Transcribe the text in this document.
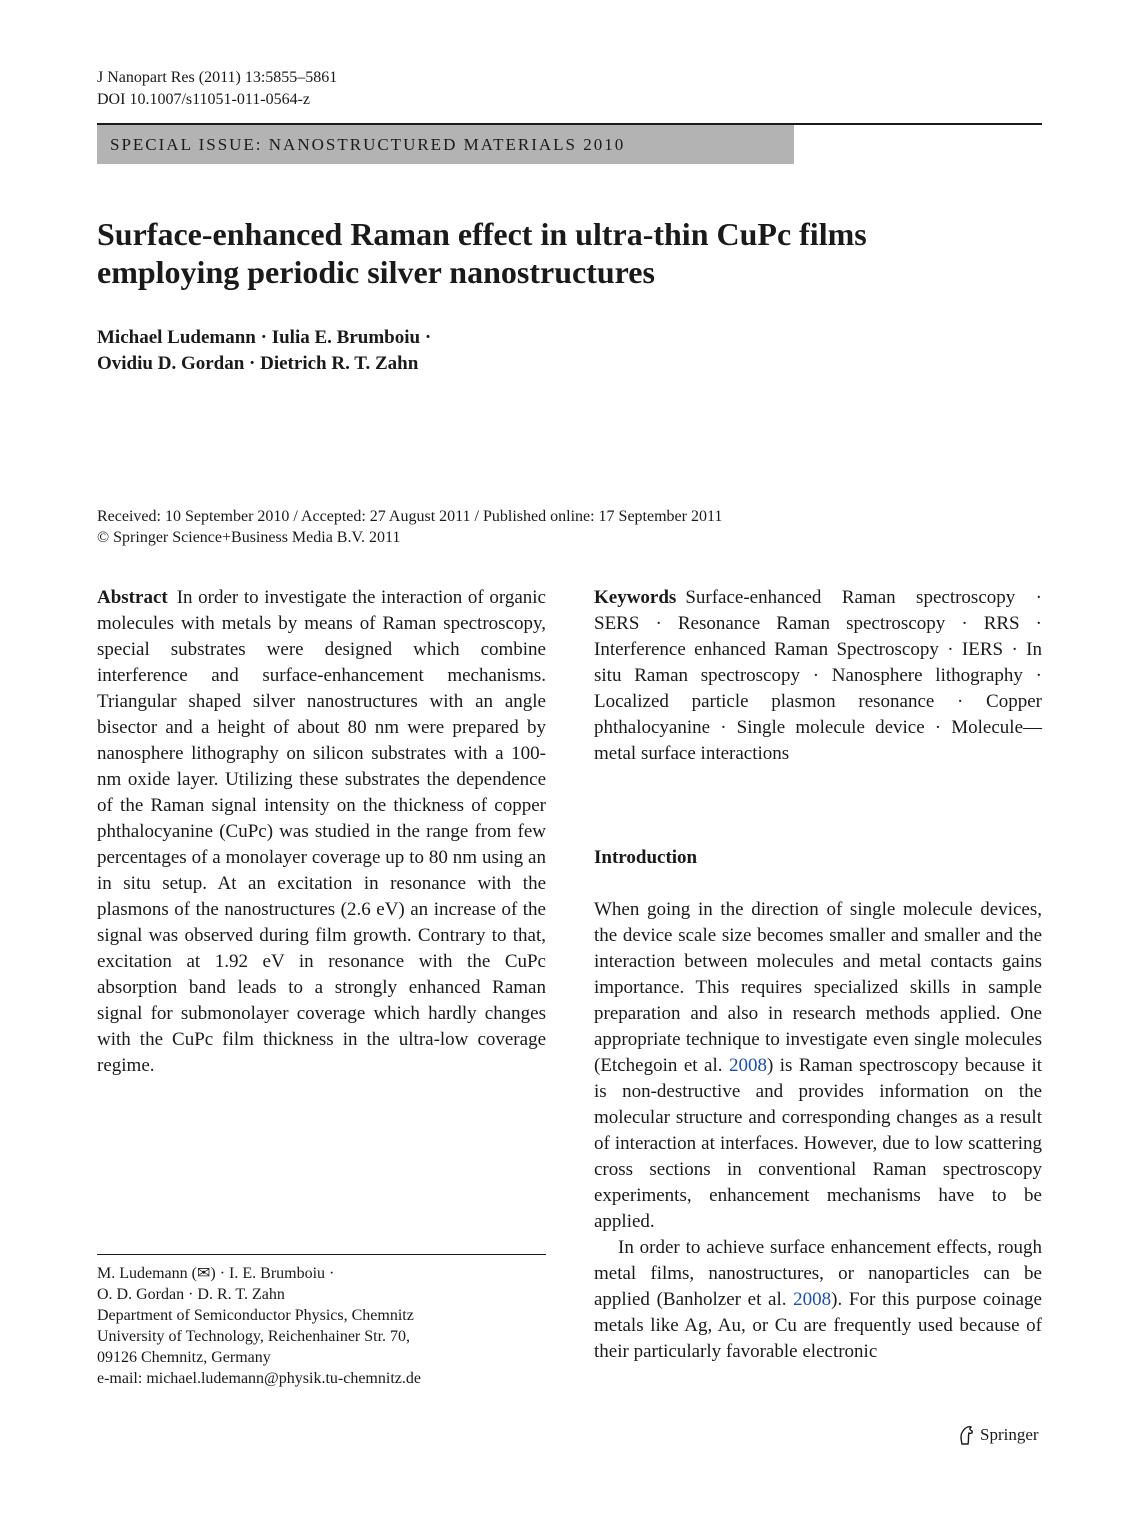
J Nanopart Res (2011) 13:5855–5861
DOI 10.1007/s11051-011-0564-z
SPECIAL ISSUE: NANOSTRUCTURED MATERIALS 2010
Surface-enhanced Raman effect in ultra-thin CuPc films
employing periodic silver nanostructures
Michael Ludemann · Iulia E. Brumboiu ·
Ovidiu D. Gordan · Dietrich R. T. Zahn
Received: 10 September 2010 / Accepted: 27 August 2011 / Published online: 17 September 2011
© Springer Science+Business Media B.V. 2011
Abstract In order to investigate the interaction of organic molecules with metals by means of Raman spectroscopy, special substrates were designed which combine interference and surface-enhancement mechanisms. Triangular shaped silver nanostructures with an angle bisector and a height of about 80 nm were prepared by nanosphere lithography on silicon substrates with a 100-nm oxide layer. Utilizing these substrates the dependence of the Raman signal intensity on the thickness of copper phthalocyanine (CuPc) was studied in the range from few percentages of a monolayer coverage up to 80 nm using an in situ setup. At an excitation in resonance with the plasmons of the nanostructures (2.6 eV) an increase of the signal was observed during film growth. Contrary to that, excitation at 1.92 eV in resonance with the CuPc absorption band leads to a strongly enhanced Raman signal for submonolayer coverage which hardly changes with the CuPc film thickness in the ultra-low coverage regime.
Keywords Surface-enhanced Raman spectroscopy · SERS · Resonance Raman spectroscopy · RRS · Interference enhanced Raman Spectroscopy · IERS · In situ Raman spectroscopy · Nanosphere lithography · Localized particle plasmon resonance · Copper phthalocyanine · Single molecule device · Molecule—metal surface interactions
Introduction

When going in the direction of single molecule devices, the device scale size becomes smaller and smaller and the interaction between molecules and metal contacts gains importance. This requires specialized skills in sample preparation and also in research methods applied. One appropriate technique to investigate even single molecules (Etchegoin et al. 2008) is Raman spectroscopy because it is non-destructive and provides information on the molecular structure and corresponding changes as a result of interaction at interfaces. However, due to low scattering cross sections in conventional Raman spectroscopy experiments, enhancement mechanisms have to be applied.

In order to achieve surface enhancement effects, rough metal films, nanostructures, or nanoparticles can be applied (Banholzer et al. 2008). For this purpose coinage metals like Ag, Au, or Cu are frequently used because of their particularly favorable electronic

M. Ludemann (✉) · I. E. Brumboiu ·
O. D. Gordan · D. R. T. Zahn
Department of Semiconductor Physics, Chemnitz
University of Technology, Reichenhainer Str. 70,
09126 Chemnitz, Germany
e-mail: michael.ludemann@physik.tu-chemnitz.de
Springer
